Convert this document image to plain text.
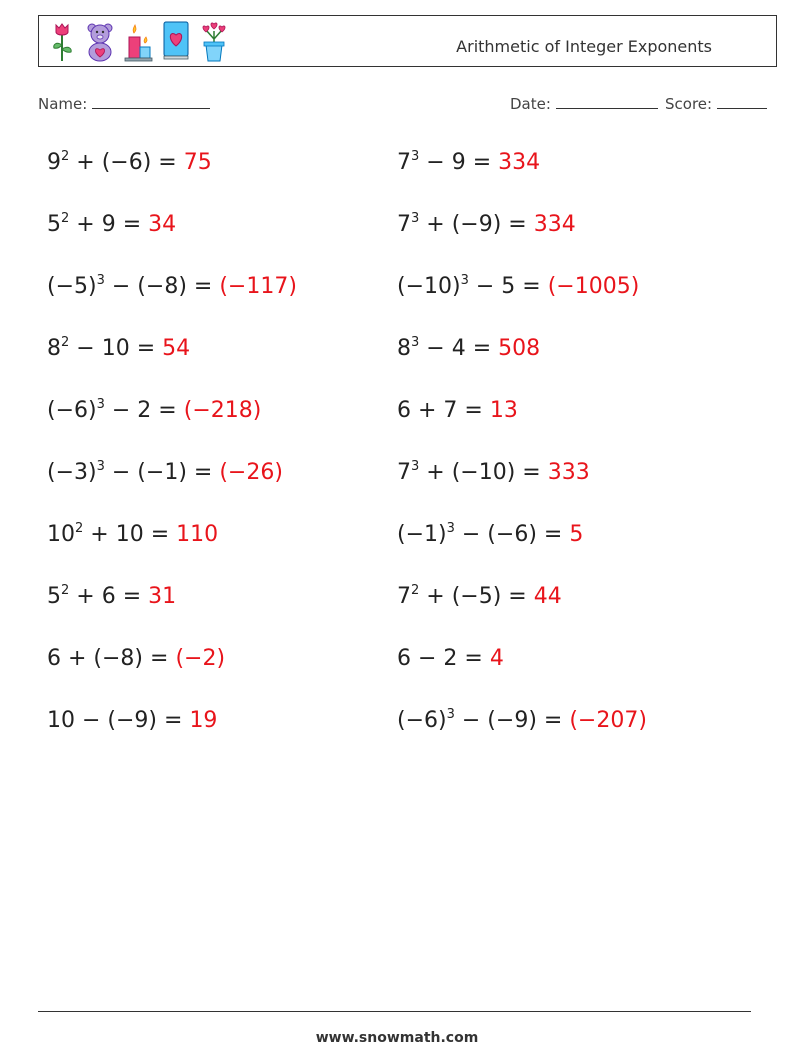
Arithmetic of Integer Exponents
Name:	Date:	Score:
$9^2 + (-6) = 75$	$7^3 - 9 = 334$
$5^2 + 9 = 34$	$7^3 + (-9) = 334$
$(-5)^3 - (-8) = (-117)$	$(-10)^3 - 5 = (-1005)$
$8^2 - 10 = 54$	$8^3 - 4 = 508$
$(-6)^3 - 2 = (-218)$	6 + 7 = 13
$(-3)^3 - (-1) = (-26)$	$7^3 + (-10) = 333$
$10^2 + 10 = 110$	$(-1)^3 - (-6) = 5$
$5^2 + 6 = 31$	$7^2 + (-5) = 44$
6 + (−8) = (−2)	6 − 2 = 4
10 − (−9) = 19	$(-6)^3 - (-9) = (-207)$
www.snowmath.com
